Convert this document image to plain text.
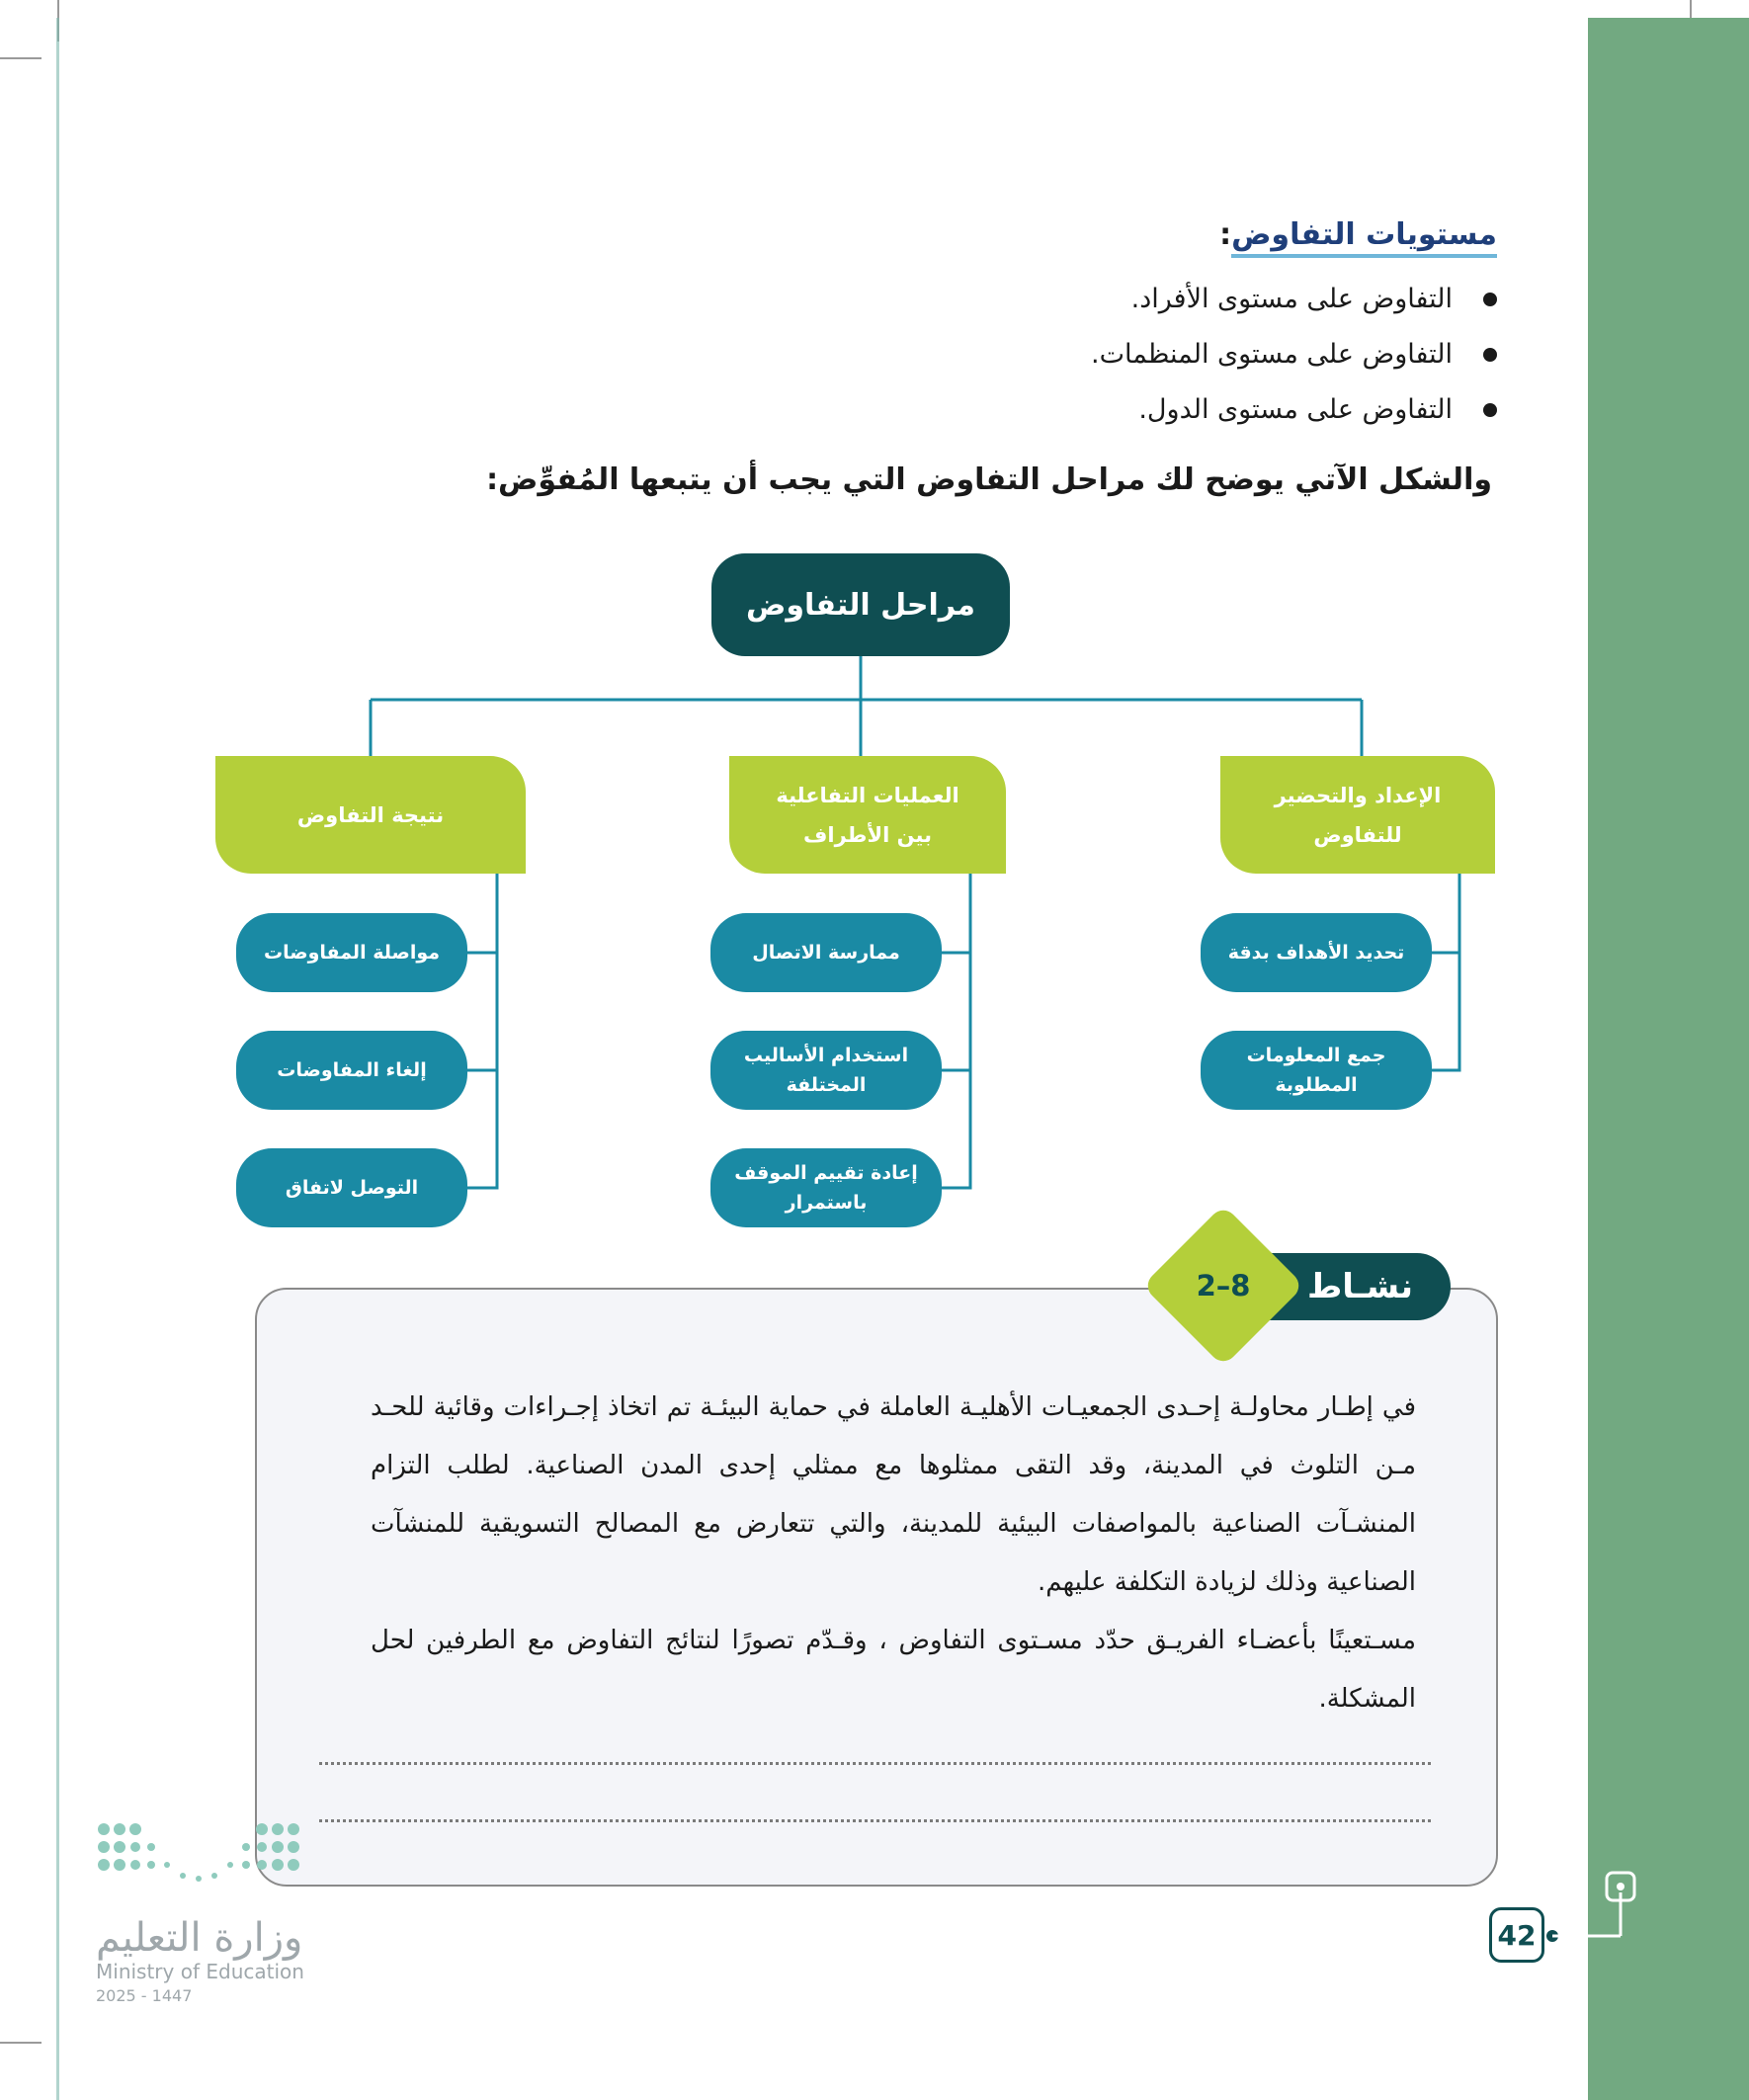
مستويات التفاوض:
التفاوض على مستوى الأفراد.
التفاوض على مستوى المنظمات.
التفاوض على مستوى الدول.
والشكل الآتي يوضح لك مراحل التفاوض التي يجب أن يتبعها المُفوِّض:
مراحل التفاوض
الإعداد والتحضير
للتفاوض
العمليات التفاعلية
بين الأطراف
نتيجة التفاوض
تحديد الأهداف بدقة
جمع المعلومات المطلوبة
ممارسة الاتصال
استخدام الأساليب
المختلفة
إعادة تقييم الموقف
باستمرار
مواصلة المفاوضات
إلغاء المفاوضات
التوصل لاتفاق
نشـاط
2–8

في إطـار محاولـة إحـدى الجمعيـات الأهليـة العاملة في حماية البيئـة تم اتخاذ إجـراءات وقائية للحـد مـن التلوث في المدينة، وقد التقى ممثلوها مع ممثلي إحدى المدن الصناعية. لطلب التزام المنشـآت الصناعية بالمواصفات البيئية للمدينة، والتي تتعارض مع المصالح التسويقية للمنشآت الصناعية وذلك لزيادة التكلفة عليهم.

مسـتعينًا بأعضـاء الفريـق حدّد مسـتوى التفاوض ، وقـدّم تصورًا لنتائج التفاوض مع الطرفين لحل المشكلة.

42
وزارة التعليم
Ministry of Education
2025 - 1447
